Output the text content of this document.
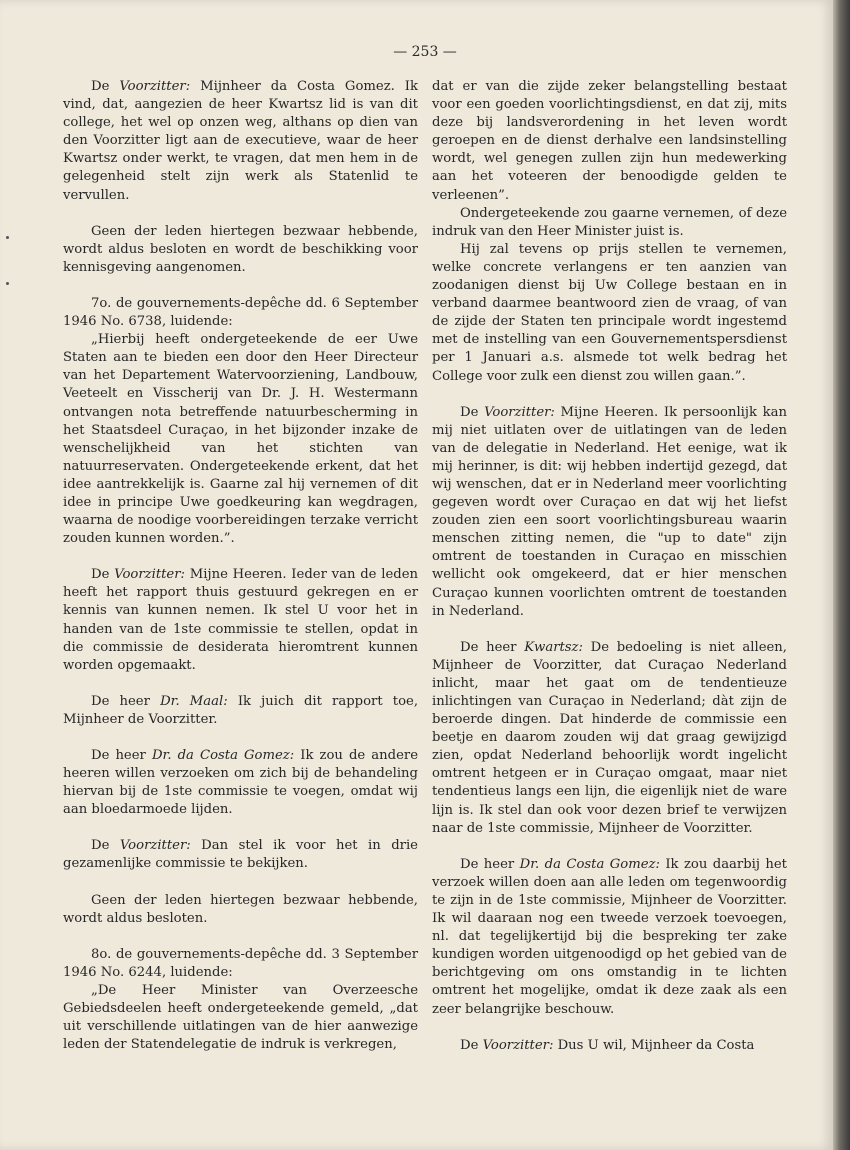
— 253 —

De Voorzitter: Mijnheer da Costa Gomez. Ik vind, dat, aangezien de heer Kwartsz lid is van dit college, het wel op onzen weg, althans op dien van den Voorzitter ligt aan de executieve, waar de heer Kwartsz onder werkt, te vragen, dat men hem in de gelegenheid stelt zijn werk als Statenlid te vervullen.

Geen der leden hiertegen bezwaar hebbende, wordt aldus besloten en wordt de beschikking voor kennisgeving aangenomen.

7o. de gouvernements-depêche dd. 6 September 1946 No. 6738, luidende:

„Hierbij heeft ondergeteekende de eer Uwe Staten aan te bieden een door den Heer Directeur van het Departement Watervoorziening, Landbouw, Veeteelt en Visscherij van Dr. J. H. Westermann ontvangen nota betreffende natuurbescherming in het Staatsdeel Curaçao, in het bijzonder inzake de wenschelijkheid van het stichten van natuurreservaten. Ondergeteekende erkent, dat het idee aantrekkelijk is. Gaarne zal hij vernemen of dit idee in principe Uwe goedkeuring kan wegdragen, waarna de noodige voorbereidingen terzake verricht zouden kunnen worden.”.

De Voorzitter: Mijne Heeren. Ieder van de leden heeft het rapport thuis gestuurd gekregen en er kennis van kunnen nemen. Ik stel U voor het in handen van de 1ste commissie te stellen, opdat in die commissie de desiderata hieromtrent kunnen worden opgemaakt.

De heer Dr. Maal: Ik juich dit rapport toe, Mijnheer de Voorzitter.

De heer Dr. da Costa Gomez: Ik zou de andere heeren willen verzoeken om zich bij de behandeling hiervan bij de 1ste commissie te voegen, omdat wij aan bloedarmoede lijden.

De Voorzitter: Dan stel ik voor het in drie gezamenlijke commissie te bekijken.

Geen der leden hiertegen bezwaar hebbende, wordt aldus besloten.

8o. de gouvernements-depêche dd. 3 September 1946 No. 6244, luidende:

„De Heer Minister van Overzeesche Gebiedsdeelen heeft ondergeteekende gemeld, „dat uit verschillende uitlatingen van de hier aanwezige leden der Statendelegatie de indruk is verkregen,

dat er van die zijde zeker belangstelling bestaat voor een goeden voorlichtingsdienst, en dat zij, mits deze bij landsverordening in het leven wordt geroepen en de dienst derhalve een landsinstelling wordt, wel genegen zullen zijn hun medewerking aan het voteeren der benoodigde gelden te verleenen”.

Ondergeteekende zou gaarne vernemen, of deze indruk van den Heer Minister juist is.

Hij zal tevens op prijs stellen te vernemen, welke concrete verlangens er ten aanzien van zoodanigen dienst bij Uw College bestaan en in verband daarmee beantwoord zien de vraag, of van de zijde der Staten ten principale wordt ingestemd met de instelling van een Gouvernementspersdienst per 1 Januari a.s. alsmede tot welk bedrag het College voor zulk een dienst zou willen gaan.”.

De Voorzitter: Mijne Heeren. Ik persoonlijk kan mij niet uitlaten over de uitlatingen van de leden van de delegatie in Nederland. Het eenige, wat ik mij herinner, is dit: wij hebben indertijd gezegd, dat wij wenschen, dat er in Nederland meer voorlichting gegeven wordt over Curaçao en dat wij het liefst zouden zien een soort voorlichtingsbureau waarin menschen zitting nemen, die "up to date" zijn omtrent de toestanden in Curaçao en misschien wellicht ook omgekeerd, dat er hier menschen Curaçao kunnen voorlichten omtrent de toestanden in Nederland.

De heer Kwartsz: De bedoeling is niet alleen, Mijnheer de Voorzitter, dat Curaçao Nederland inlicht, maar het gaat om de tendentieuze inlichtingen van Curaçao in Nederland; dàt zijn de beroerde dingen. Dat hinderde de commissie een beetje en daarom zouden wij dat graag gewijzigd zien, opdat Nederland behoorlijk wordt ingelicht omtrent hetgeen er in Curaçao omgaat, maar niet tendentieus langs een lijn, die eigenlijk niet de ware lijn is. Ik stel dan ook voor dezen brief te verwijzen naar de 1ste commissie, Mijnheer de Voorzitter.

De heer Dr. da Costa Gomez: Ik zou daarbij het verzoek willen doen aan alle leden om tegenwoordig te zijn in de 1ste commissie, Mijnheer de Voorzitter. Ik wil daaraan nog een tweede verzoek toevoegen, nl. dat tegelijkertijd bij die bespreking ter zake kundigen worden uitgenoodigd op het gebied van de berichtgeving om ons omstandig in te lichten omtrent het mogelijke, omdat ik deze zaak als een zeer belangrijke beschouw.

De Voorzitter: Dus U wil, Mijnheer da Costa
